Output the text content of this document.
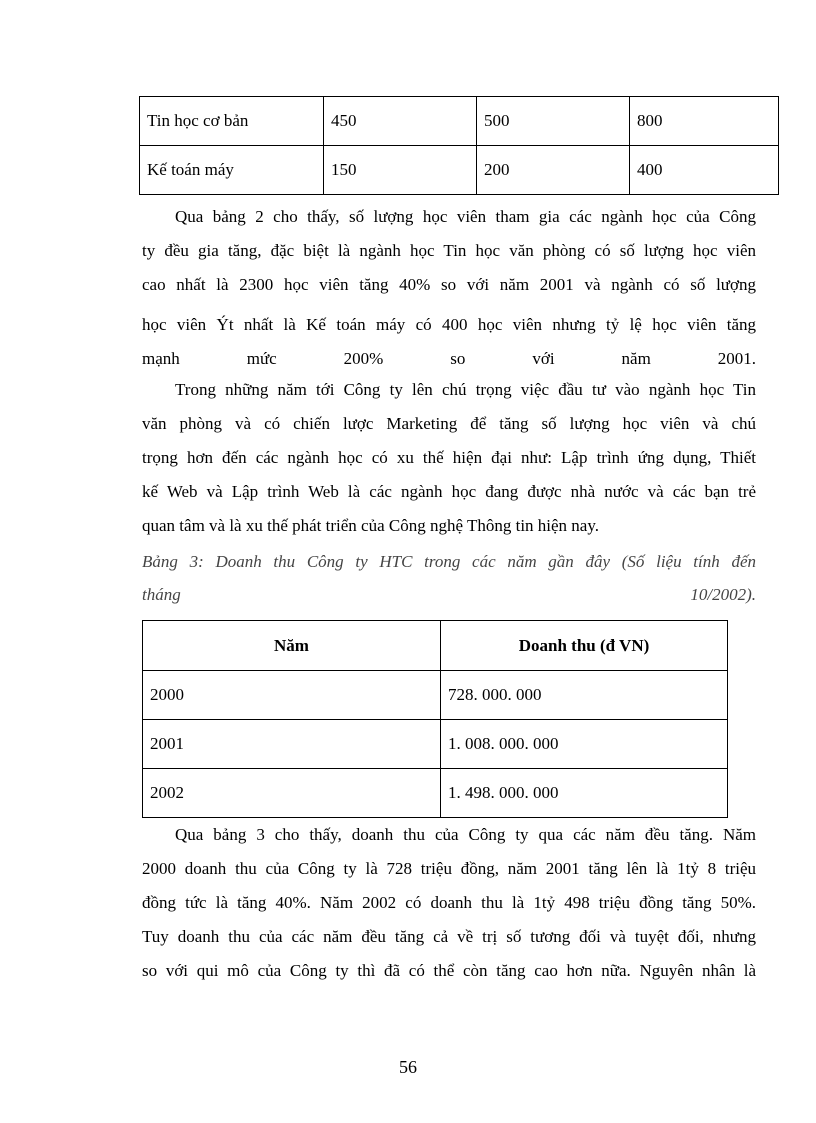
Tin học cơ bản	450	500	800
Kế toán máy	150	200	400
Qua bảng 2 cho thấy, số lượng học viên tham gia các ngành học của Công
ty đều gia tăng, đặc biệt là ngành học Tin học văn phòng có số lượng học viên
cao nhất là 2300 học viên tăng 40% so với năm 2001 và ngành có số lượng
học viên Ýt nhất là Kế toán máy có 400 học viên nhưng tỷ lệ học viên tăng
mạnh mức 200% so với năm 2001.
Trong những năm tới Công ty lên chú trọng việc đầu tư vào ngành học Tin
văn phòng và có chiến lược Marketing để tăng số lượng học viên và chú
trọng hơn đến các ngành học có xu thế hiện đại như: Lập trình ứng dụng, Thiết
kế Web và Lập trình Web là các ngành học đang được nhà nước và các bạn trẻ
quan tâm và là xu thế phát triển của Công nghệ Thông tin hiện nay.
Bảng 3: Doanh thu Công ty HTC trong các năm gần đây (Số liệu tính đến
tháng 10/2002).
Năm	Doanh thu (đ VN)
2000	728. 000. 000
2001	1. 008. 000. 000
2002	1. 498. 000. 000
Qua bảng 3 cho thấy, doanh thu của Công ty qua các năm đều tăng. Năm
2000 doanh thu của Công ty là 728 triệu đồng, năm 2001 tăng lên là 1tỷ 8 triệu
đồng tức là tăng 40%. Năm 2002 có doanh thu là 1tỷ 498 triệu đồng tăng 50%.
Tuy doanh thu của các năm đều tăng cả về trị số tương đối và tuyệt đối, nhưng
so với qui mô của Công ty thì đã có thể còn tăng cao hơn nữa. Nguyên nhân là
56
